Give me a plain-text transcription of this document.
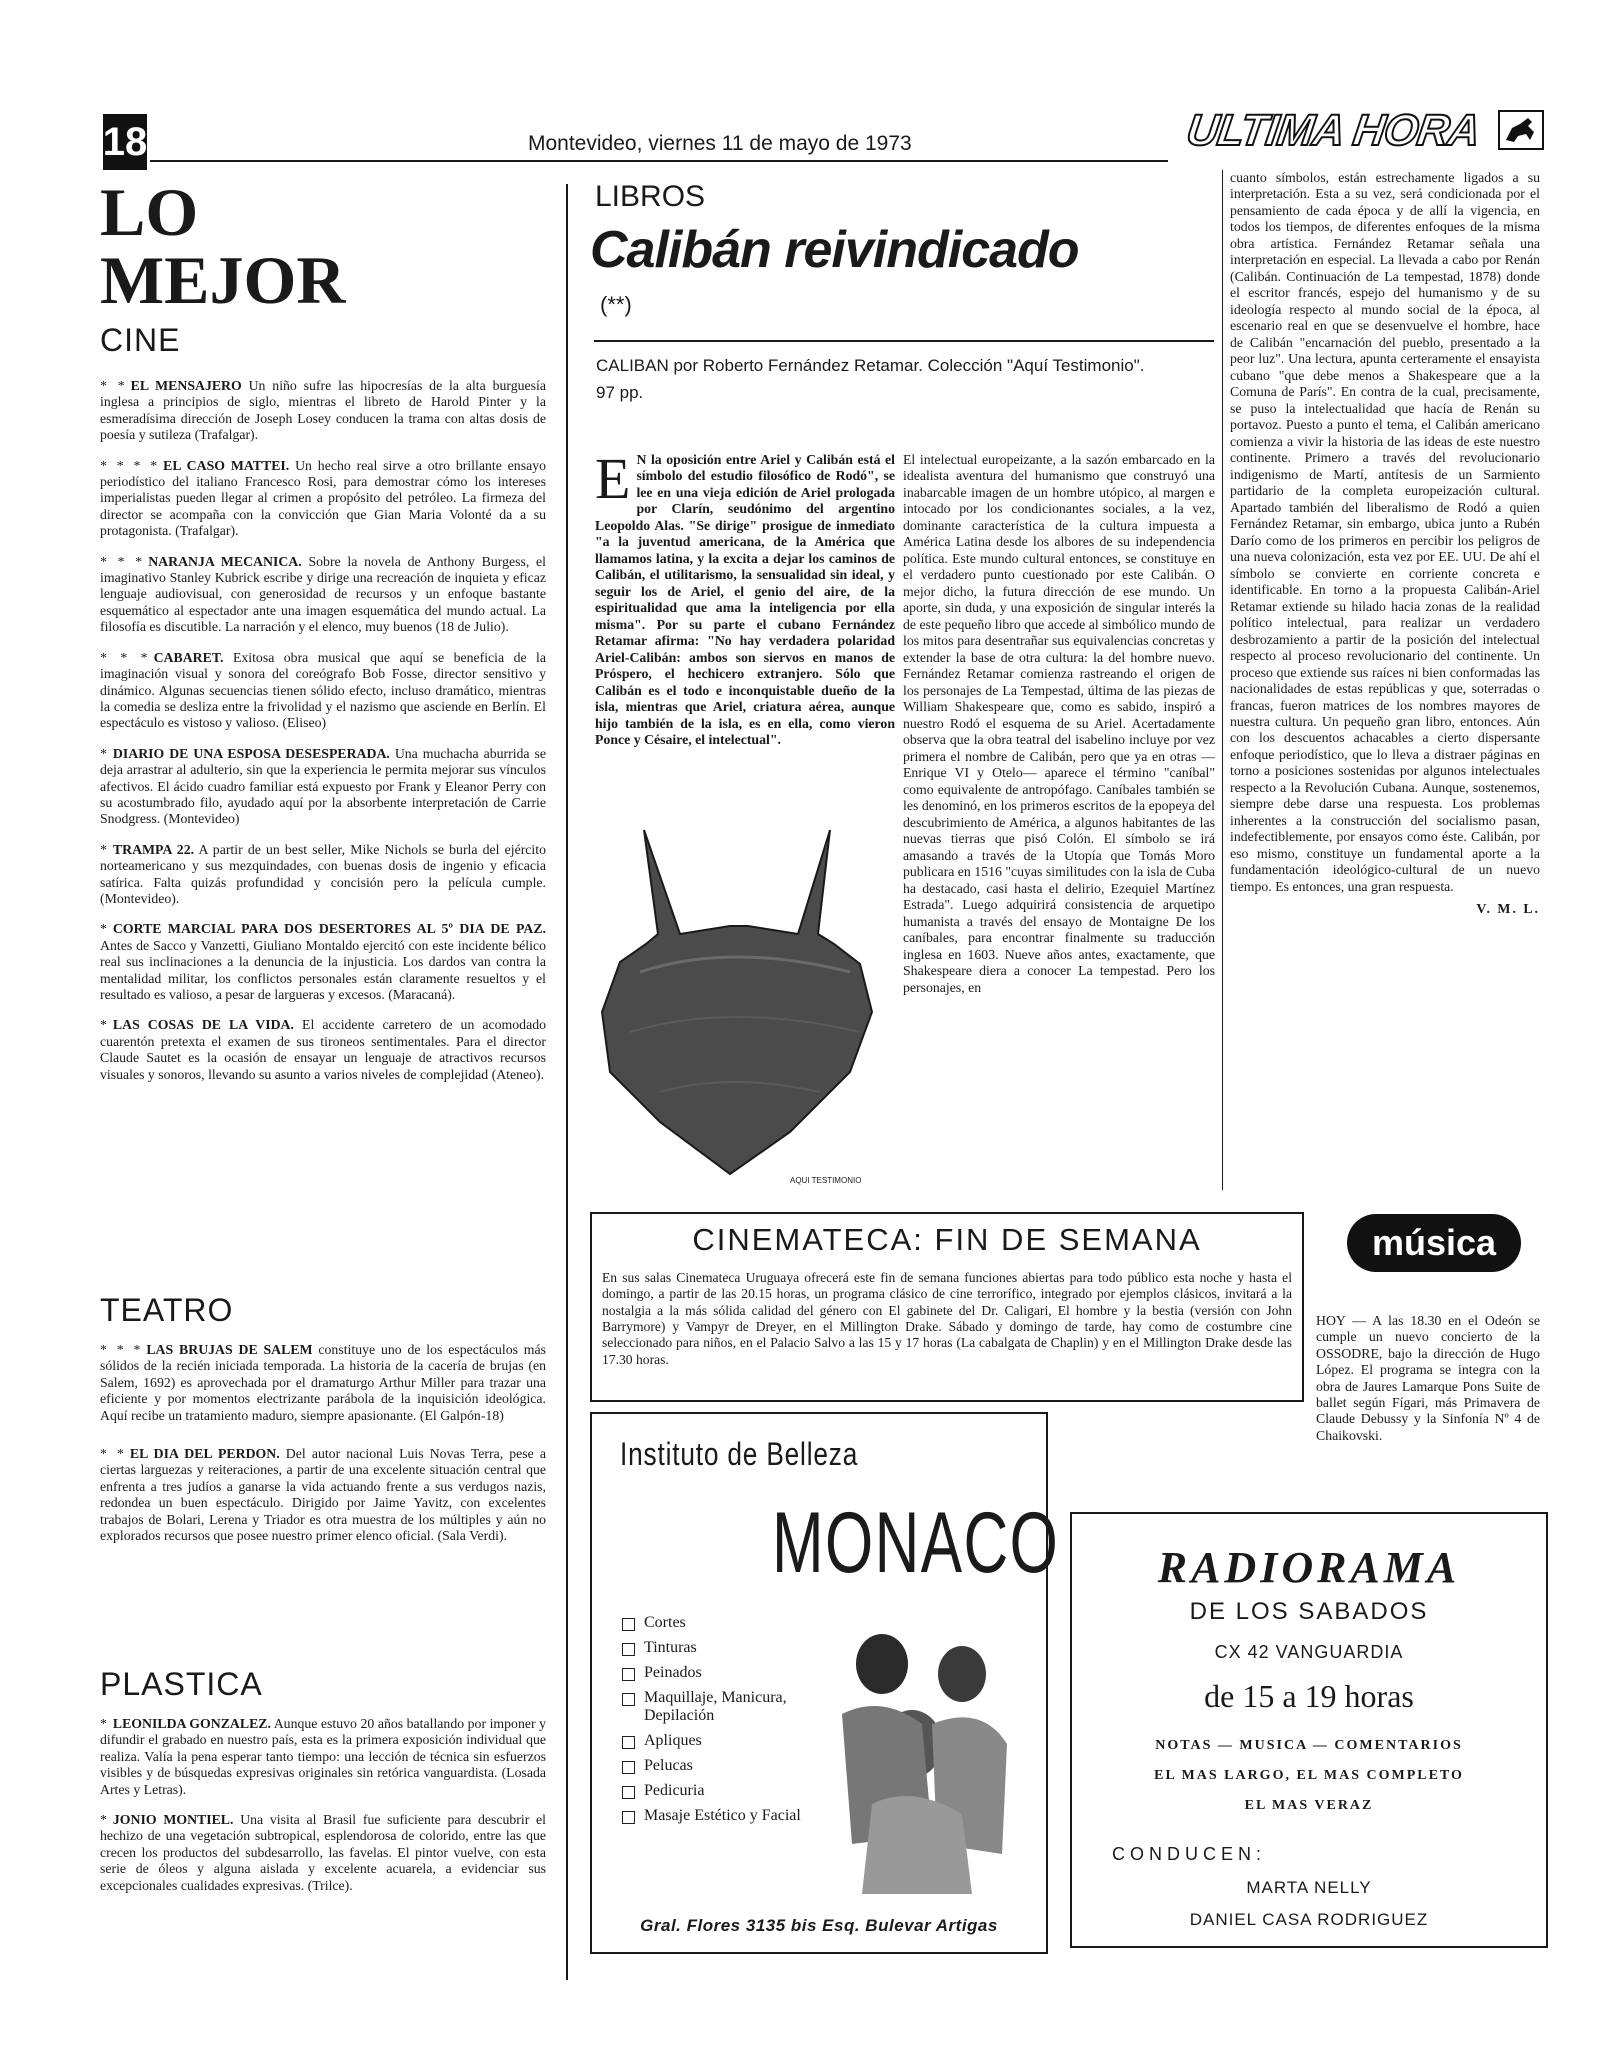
18	Montevideo, viernes 11 de mayo de 1973	ULTIMA HORA
LO MEJOR
CINE
* * EL MENSAJERO Un niño sufre las hipocresías de la alta burguesía inglesa a principios de siglo, mientras el libreto de Harold Pinter y la esmeradísima dirección de Joseph Losey conducen la trama con altas dosis de poesía y sutileza (Trafalgar).
* * * * EL CASO MATTEI. Un hecho real sirve a otro brillante ensayo periodístico del italiano Francesco Rosi, para demostrar cómo los intereses imperialistas pueden llegar al crimen a propósito del petróleo. La firmeza del director se acompaña con la convicción que Gian Maria Volonté da a su protagonista. (Trafalgar).
* * * NARANJA MECANICA. Sobre la novela de Anthony Burgess, el imaginativo Stanley Kubrick escribe y dirige una recreación de inquieta y eficaz lenguaje audiovisual, con generosidad de recursos y un enfoque bastante esquemático al espectador ante una imagen esquemática del mundo actual. La filosofía es discutible. La narración y el elenco, muy buenos (18 de Julio).
* * * CABARET. Exitosa obra musical que aquí se beneficia de la imaginación visual y sonora del coreógrafo Bob Fosse, director sensitivo y dinámico. Algunas secuencias tienen sólido efecto, incluso dramático, mientras la comedia se desliza entre la frivolidad y el nazismo que asciende en Berlín. El espectáculo es vistoso y valioso. (Eliseo)
* DIARIO DE UNA ESPOSA DESESPERADA. Una muchacha aburrida se deja arrastrar al adulterio, sin que la experiencia le permita mejorar sus vínculos afectivos. El ácido cuadro familiar está expuesto por Frank y Eleanor Perry con su acostumbrado filo, ayudado aquí por la absorbente interpretación de Carrie Snodgress. (Montevideo)
* TRAMPA 22. A partir de un best seller, Mike Nichols se burla del ejército norteamericano y sus mezquindades, con buenas dosis de ingenio y eficacia satírica. Falta quizás profundidad y concisión pero la película cumple. (Montevideo).
* CORTE MARCIAL PARA DOS DESERTORES AL 5º DIA DE PAZ. Antes de Sacco y Vanzetti, Giuliano Montaldo ejercitó con este incidente bélico real sus inclinaciones a la denuncia de la injusticia. Los dardos van contra la mentalidad militar, los conflictos personales están claramente resueltos y el resultado es valioso, a pesar de largueras y excesos. (Maracaná).
* LAS COSAS DE LA VIDA. El accidente carretero de un acomodado cuarentón pretexta el examen de sus tironeos sentimentales. Para el director Claude Sautet es la ocasión de ensayar un lenguaje de atractivos recursos visuales y sonoros, llevando su asunto a varios niveles de complejidad (Ateneo).
TEATRO
* * * LAS BRUJAS DE SALEM constituye uno de los espectáculos más sólidos de la recién iniciada temporada. La historia de la cacería de brujas (en Salem, 1692) es aprovechada por el dramaturgo Arthur Miller para trazar una eficiente y por momentos electrizante parábola de la inquisición ideológica. Aquí recibe un tratamiento maduro, siempre apasionante. (El Galpón-18)
* * EL DIA DEL PERDON. Del autor nacional Luis Novas Terra, pese a ciertas larguezas y reiteraciones, a partir de una excelente situación central que enfrenta a tres judíos a ganarse la vida actuando frente a sus verdugos nazis, redondea un buen espectáculo. Dirigido por Jaime Yavitz, con excelentes trabajos de Bolari, Lerena y Triador es otra muestra de los múltiples y aún no explorados recursos que posee nuestro primer elenco oficial. (Sala Verdi).
PLASTICA
* LEONILDA GONZALEZ. Aunque estuvo 20 años batallando por imponer y difundir el grabado en nuestro país, esta es la primera exposición individual que realiza. Valía la pena esperar tanto tiempo: una lección de técnica sin esfuerzos visibles y de búsquedas expresivas originales sin retórica vanguardista. (Losada Artes y Letras).
* JONIO MONTIEL. Una visita al Brasil fue suficiente para descubrir el hechizo de una vegetación subtropical, esplendorosa de colorido, entre las que crecen los productos del subdesarrollo, las favelas. El pintor vuelve, con esta serie de óleos y alguna aislada y excelente acuarela, a evidenciar sus excepcionales cualidades expresivas. (Trilce).
LIBROS
Calibán reivindicado
(**)
CALIBAN por Roberto Fernández Retamar. Colección "Aquí Testimonio". 97 pp.
E N la oposición entre Ariel y Calibán está el símbolo del estudio filosófico de Rodó", se lee en una vieja edición de Ariel prologada por Clarín, seudónimo del argentino Leopoldo Alas. "Se dirige" prosigue de inmediato "a la juventud americana, de la América que llamamos latina, y la excita a dejar los caminos de Calibán, el utilitarismo, la sensualidad sin ideal, y seguir los de Ariel, el genio del aire, de la espiritualidad que ama la inteligencia por ella misma". Por su parte el cubano Fernández Retamar afirma: "No hay verdadera polaridad Ariel-Calibán: ambos son siervos en manos de Próspero, el hechicero extranjero. Sólo que Calibán es el todo e inconquistable dueño de la isla, mientras que Ariel, criatura aérea, aunque hijo también de la isla, es en ella, como vieron Ponce y Césaire, el intelectual".
AQUI TESTIMONIO
El intelectual europeizante, a la sazón embarcado en la idealista aventura del humanismo que construyó una inabarcable imagen de un hombre utópico, al margen e intocado por los condicionantes sociales, a la vez, dominante característica de la cultura impuesta a América Latina desde los albores de su independencia política. Este mundo cultural entonces, se constituye en el verdadero punto cuestionado por este Calibán. O mejor dicho, la futura dirección de ese mundo. Un aporte, sin duda, y una exposición de singular interés la de este pequeño libro que accede al simbólico mundo de los mitos para desentrañar sus equivalencias concretas y extender la base de otra cultura: la del hombre nuevo. Fernández Retamar comienza rastreando el origen de los personajes de La Tempestad, última de las piezas de William Shakespeare que, como es sabido, inspiró a nuestro Rodó el esquema de su Ariel. Acertadamente observa que la obra teatral del isabelino incluye por vez primera el nombre de Calibán, pero que ya en otras —Enrique VI y Otelo— aparece el término "caníbal" como equivalente de antropófago. Caníbales también se les denominó, en los primeros escritos de la epopeya del descubrimiento de América, a algunos habitantes de las nuevas tierras que pisó Colón. El símbolo se irá amasando a través de la Utopía que Tomás Moro publicara en 1516 "cuyas similitudes con la isla de Cuba ha destacado, casi hasta el delirio, Ezequiel Martínez Estrada". Luego adquirirá consistencia de arquetipo humanista a través del ensayo de Montaigne De los caníbales, para encontrar finalmente su traducción inglesa en 1603. Nueve años antes, exactamente, que Shakespeare diera a conocer La tempestad. Pero los personajes, en
cuanto símbolos, están estrechamente ligados a su interpretación. Esta a su vez, será condicionada por el pensamiento de cada época y de allí la vigencia, en todos los tiempos, de diferentes enfoques de la misma obra artística. Fernández Retamar señala una interpretación en especial. La llevada a cabo por Renán (Calibán. Continuación de La tempestad, 1878) donde el escritor francés, espejo del humanismo y de su ideología respecto al mundo social de la época, al escenario real en que se desenvuelve el hombre, hace de Calibán "encarnación del pueblo, presentado a la peor luz". Una lectura, apunta certeramente el ensayista cubano "que debe menos a Shakespeare que a la Comuna de París". En contra de la cual, precisamente, se puso la intelectualidad que hacía de Renán su portavoz. Puesto a punto el tema, el Calibán americano comienza a vivir la historia de las ideas de este nuestro continente. Primero a través del revolucionario indigenismo de Martí, antítesis de un Sarmiento partidario de la completa europeización cultural. Apartado también del liberalismo de Rodó a quien Fernández Retamar, sin embargo, ubica junto a Rubén Darío como de los primeros en percibir los peligros de una nueva colonización, esta vez por EE. UU. De ahí el símbolo se convierte en corriente concreta e identificable. En torno a la propuesta Calibán-Ariel Retamar extiende su hilado hacia zonas de la realidad político intelectual, para realizar un verdadero desbrozamiento a partir de la posición del intelectual respecto al proceso revolucionario del continente. Un proceso que extiende sus raíces ni bien conformadas las nacionalidades de estas repúblicas y que, soterradas o francas, fueron matrices de los nombres mayores de nuestra cultura. Un pequeño gran libro, entonces. Aún con los descuentos achacables a cierto dispersante enfoque periodístico, que lo lleva a distraer páginas en torno a posiciones sostenidas por algunos intelectuales respecto a la Revolución Cubana. Aunque, sostenemos, siempre debe darse una respuesta. Los problemas inherentes a la construcción del socialismo pasan, indefectiblemente, por ensayos como éste. Calibán, por eso mismo, constituye un fundamental aporte a la fundamentación ideológico-cultural de un nuevo tiempo. Es entonces, una gran respuesta.
V. M. L.
CINEMATECA: FIN DE SEMANA
En sus salas Cinemateca Uruguaya ofrecerá este fin de semana funciones abiertas para todo público esta noche y hasta el domingo, a partir de las 20.15 horas, un programa clásico de cine terrorífico, integrado por ejemplos clásicos, invitará a la nostalgia a la más sólida calidad del género con El gabinete del Dr. Caligari, El hombre y la bestia (versión con John Barrymore) y Vampyr de Dreyer, en el Millington Drake. Sábado y domingo de tarde, hay como de costumbre cine seleccionado para niños, en el Palacio Salvo a las 15 y 17 horas (La cabalgata de Chaplin) y en el Millington Drake desde las 17.30 horas.
música
HOY — A las 18.30 en el Odeón se cumple un nuevo concierto de la OSSODRE, bajo la dirección de Hugo López. El programa se integra con la obra de Jaures Lamarque Pons Suite de ballet según Fígari, más Primavera de Claude Debussy y la Sinfonía Nº 4 de Chaikovski.
Instituto de Belleza
MONACO
Cortes
Tinturas
Peinados
Maquillaje, Manicura, Depilación
Apliques
Pelucas
Pedicuria
Masaje Estético y Facial
Gral. Flores 3135 bis Esq. Bulevar Artigas
RADIORAMA
DE LOS SABADOS
CX 42 VANGUARDIA
de 15 a 19 horas
NOTAS — MUSICA — COMENTARIOS
EL MAS LARGO, EL MAS COMPLETO
EL MAS VERAZ
CONDUCEN:
MARTA NELLY
DANIEL CASA RODRIGUEZ
